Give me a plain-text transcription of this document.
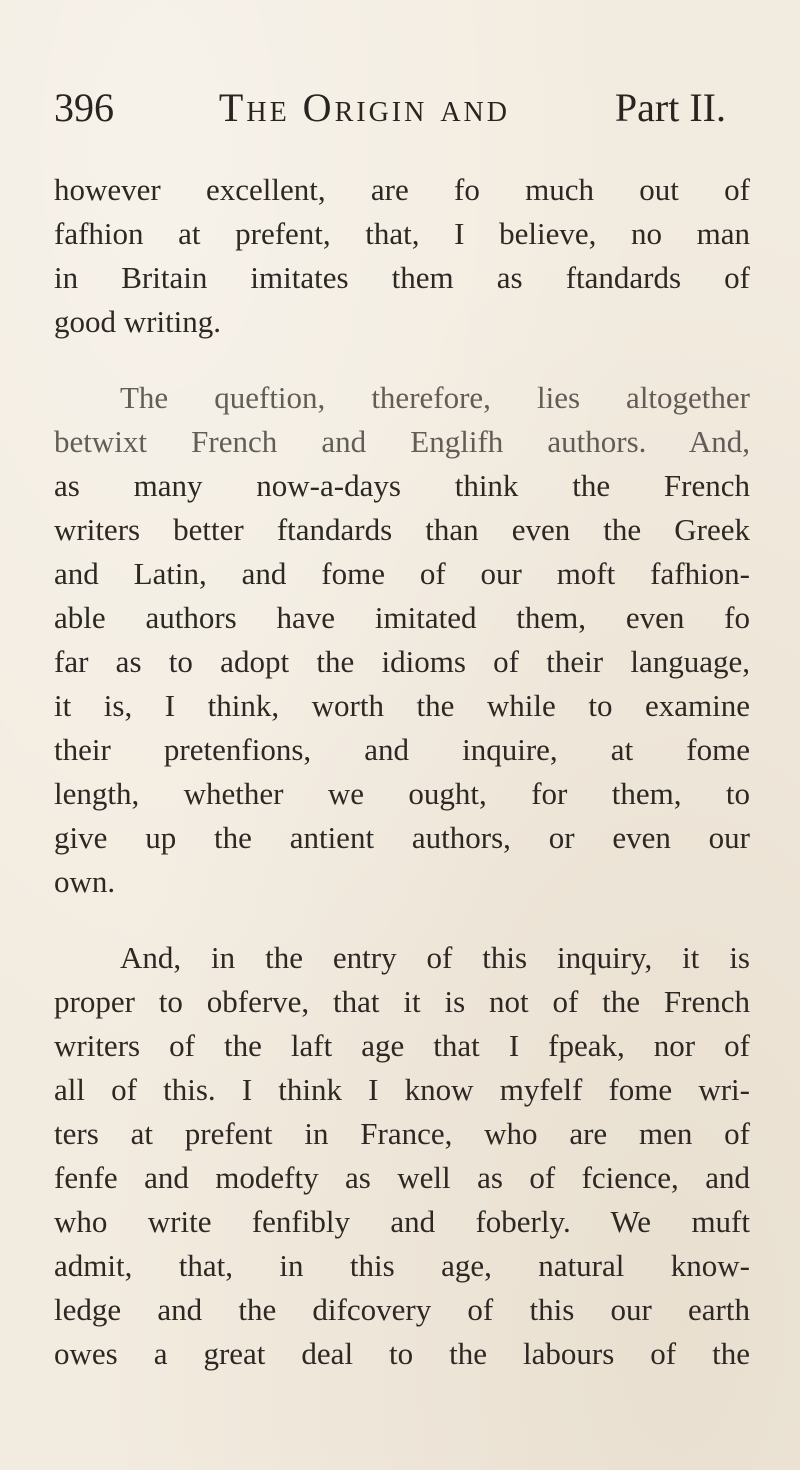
396	The Origin and	Part II.
however excellent, are fo much out of
fafhion at prefent, that, I believe, no man
in Britain imitates them as ftandards of
good writing.
The queftion, therefore, lies altogether
betwixt French and Englifh authors. And,
as many now-a-days think the French
writers better ftandards than even the Greek
and Latin, and fome of our moft fafhion-
able authors have imitated them, even fo
far as to adopt the idioms of their language,
it is, I think, worth the while to examine
their pretenfions, and inquire, at fome
length, whether we ought, for them, to
give up the antient authors, or even our
own.
And, in the entry of this inquiry, it is
proper to obferve, that it is not of the French
writers of the laft age that I fpeak, nor of
all of this. I think I know myfelf fome wri-
ters at prefent in France, who are men of
fenfe and modefty as well as of fcience, and
who write fenfibly and foberly. We muft
admit, that, in this age, natural know-
ledge and the difcovery of this our earth
owes a great deal to the labours of the
